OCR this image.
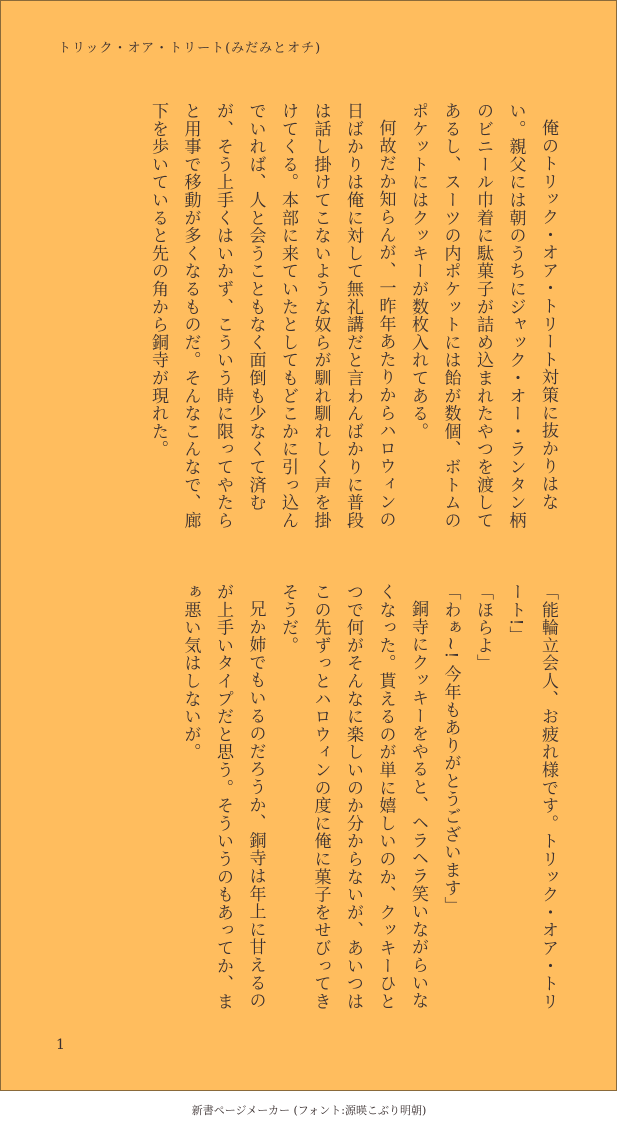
トリック・オア・トリート(みだみとオチ)

俺のトリック・オア・トリート対策に抜かりはない。親父には朝のうちにジャック・オー・ランタン柄のビニール巾着に駄菓子が詰め込まれたやつを渡してあるし、スーツの内ポケットには飴が数個、ボトムのポケットにはクッキーが数枚入れてある。

何故だか知らんが、一昨年あたりからハロウィンの日ばかりは俺に対して無礼講だと言わんばかりに普段は話し掛けてこないような奴らが馴れ馴れしく声を掛けてくる。本部に来ていたとしてもどこかに引っ込んでいれば、人と会うこともなく面倒も少なくて済むが、そう上手くはいかず、こういう時に限ってやたらと用事で移動が多くなるものだ。そんなこんなで、廊下を歩いていると先の角から銅寺が現れた。

「能輪立会人、お疲れ様です。トリック・オア・トリート!」

「ほらよ」

「わぁ~! 今年もありがとうございます」

銅寺にクッキーをやると、ヘラヘラ笑いながらいなくなった。貰えるのが単に嬉しいのか、クッキーひとつで何がそんなに楽しいのか分からないが、あいつはこの先ずっとハロウィンの度に俺に菓子をせびってきそうだ。

兄か姉でもいるのだろうか、銅寺は年上に甘えるのが上手いタイプだと思う。そういうのもあってか、まぁ悪い気はしないが。

1
新書ページメーカー (フォント:源暎こぶり明朝)
